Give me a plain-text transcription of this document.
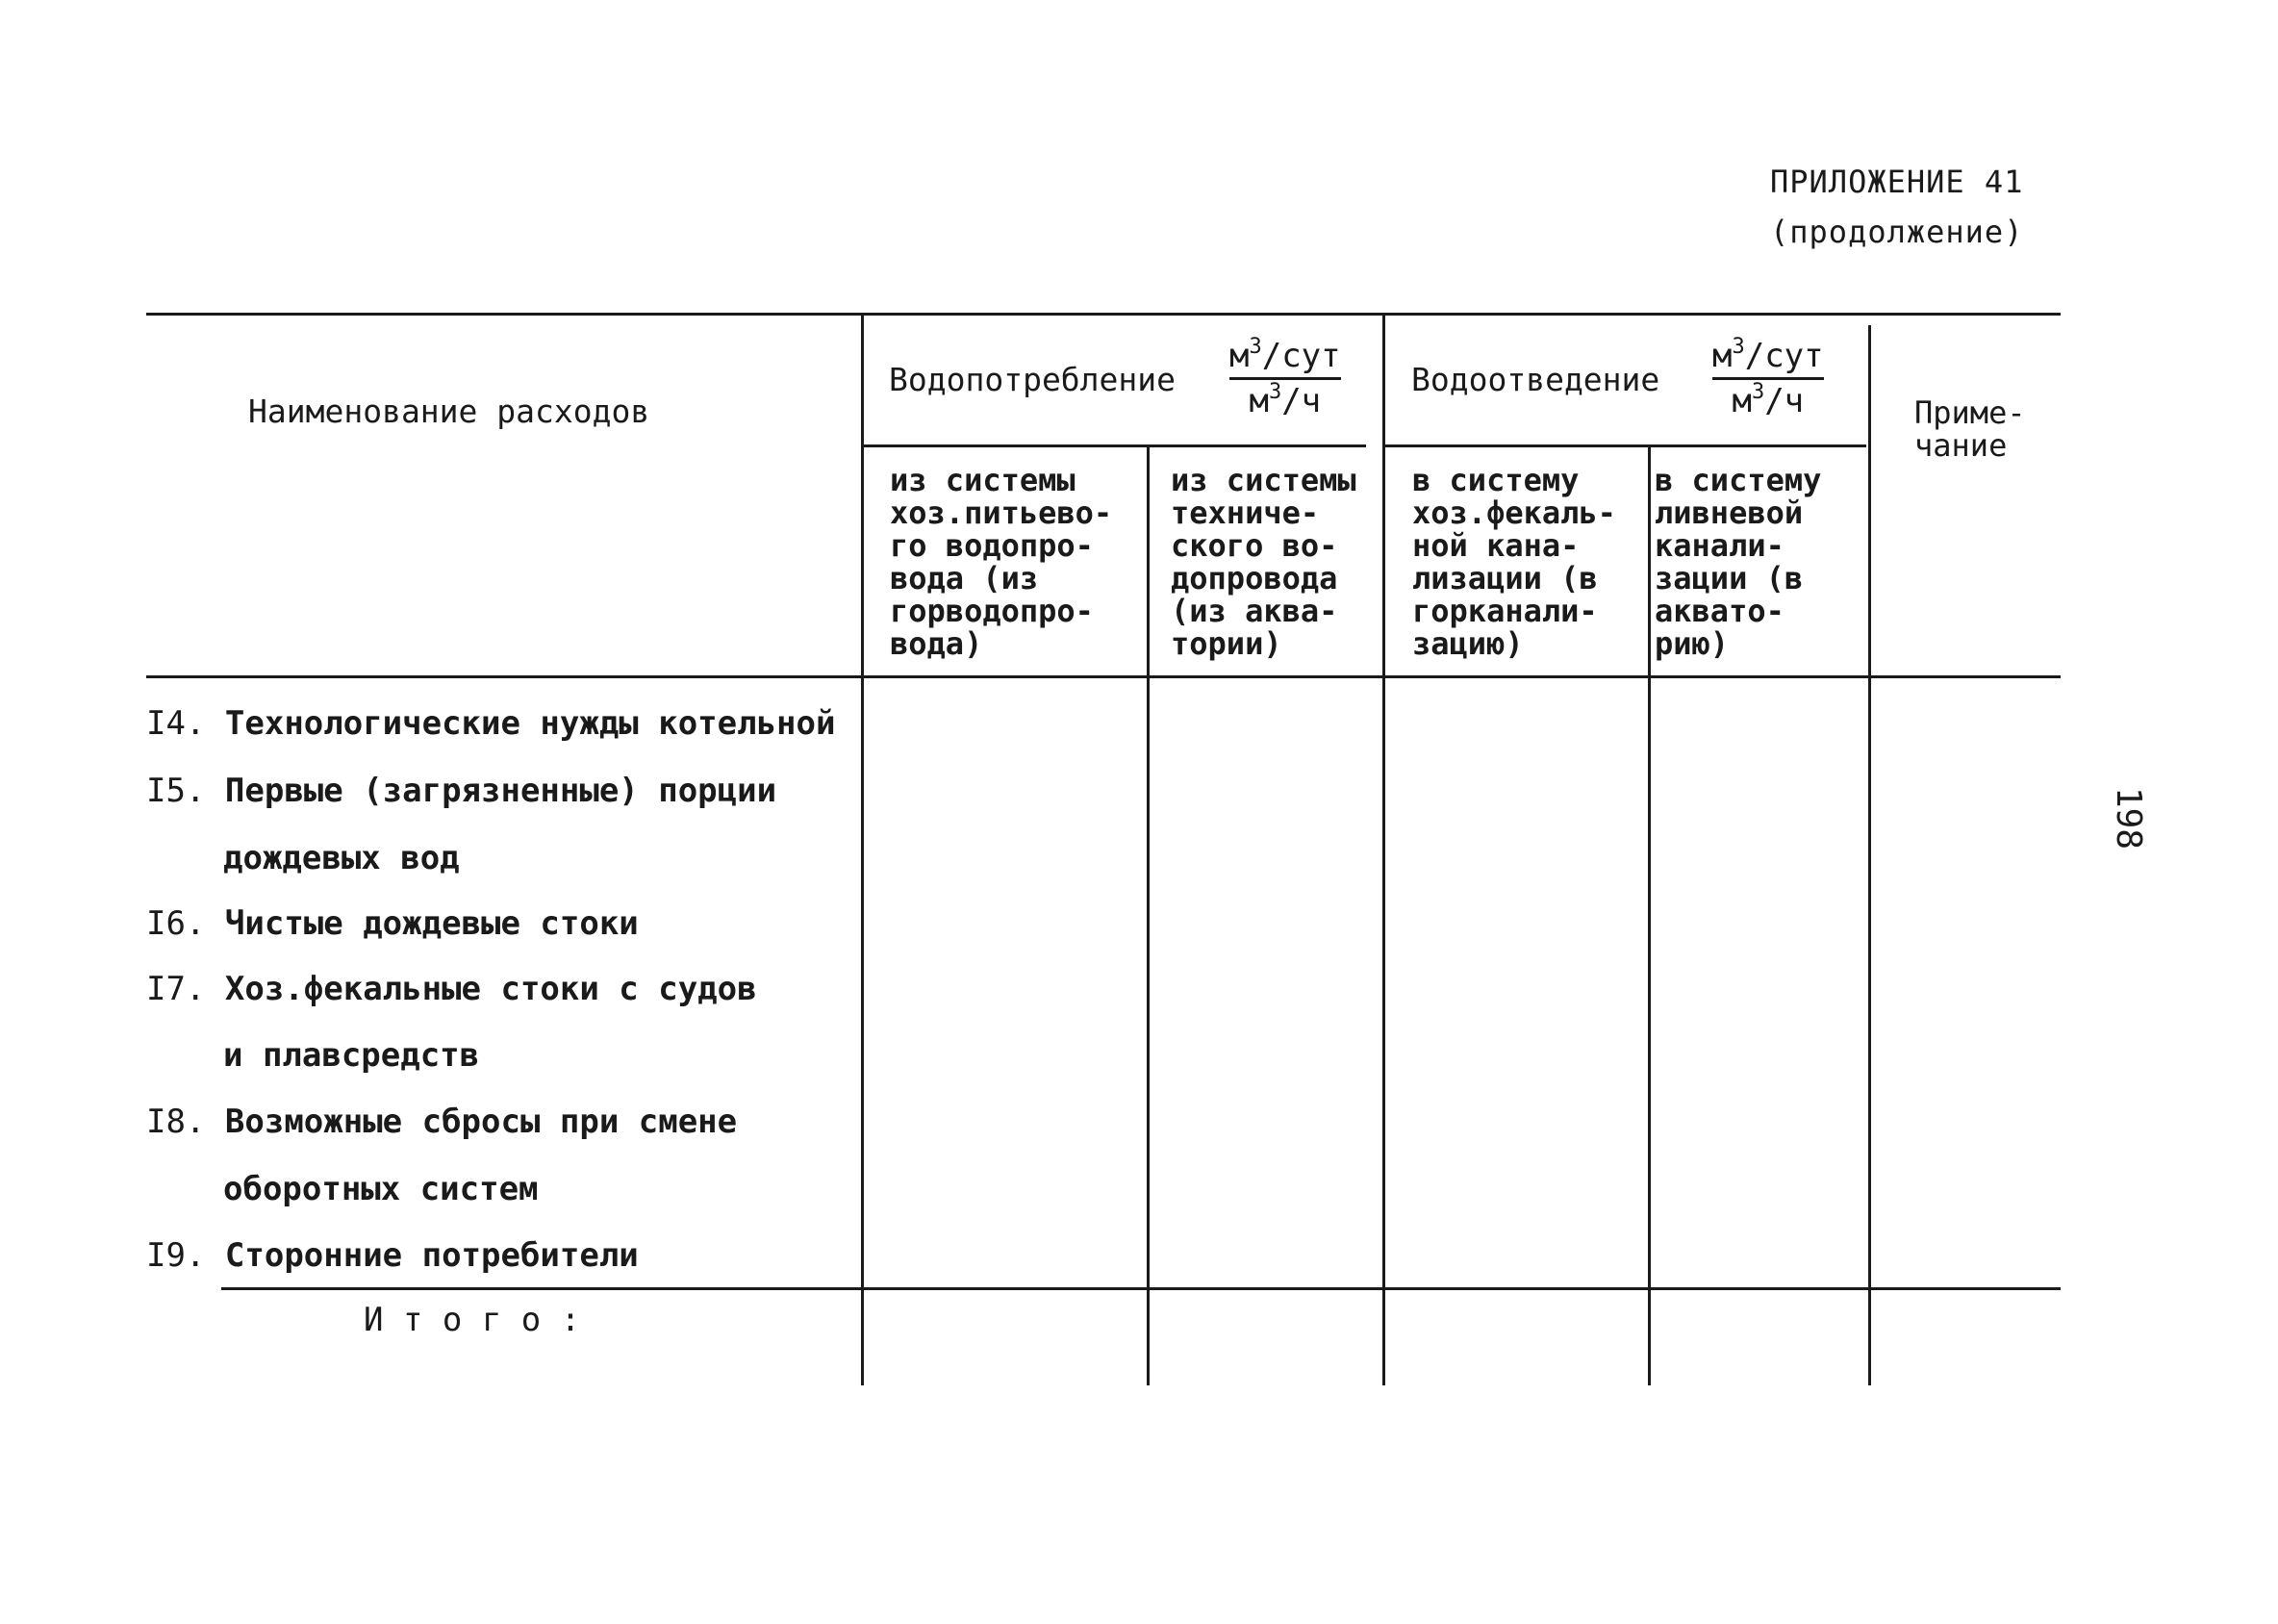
ПРИЛОЖЕНИЕ 41
(продолжение)
Наименование расходов
Водопотребление
$м^3$/сут
$м^3/ч$
Водоотведение
$м^3$/сут
$м^3/ч$	Приме-
чание
из системы
хоз.питьево-
го водопро-
вода (из
горводопро-
вода)
из системы
техниче-
ского во-
допровода
(из аква-
тории)
в систему
хоз.фекаль-
ной кана-
лизации (в
горканали-
зацию)
в систему
ливневой
канали-
зации (в
аквато-
рию)
I4. Технологические нужды котельной
I5. Первые (загрязненные) порции
дождевых вод
I6. Чистые дождевые стоки
I7. Хоз.фекальные стоки с судов
и плавсредств
I8. Возможные сбросы при смене
оборотных систем
I9. Сторонние потребители
И т о г о :
198
